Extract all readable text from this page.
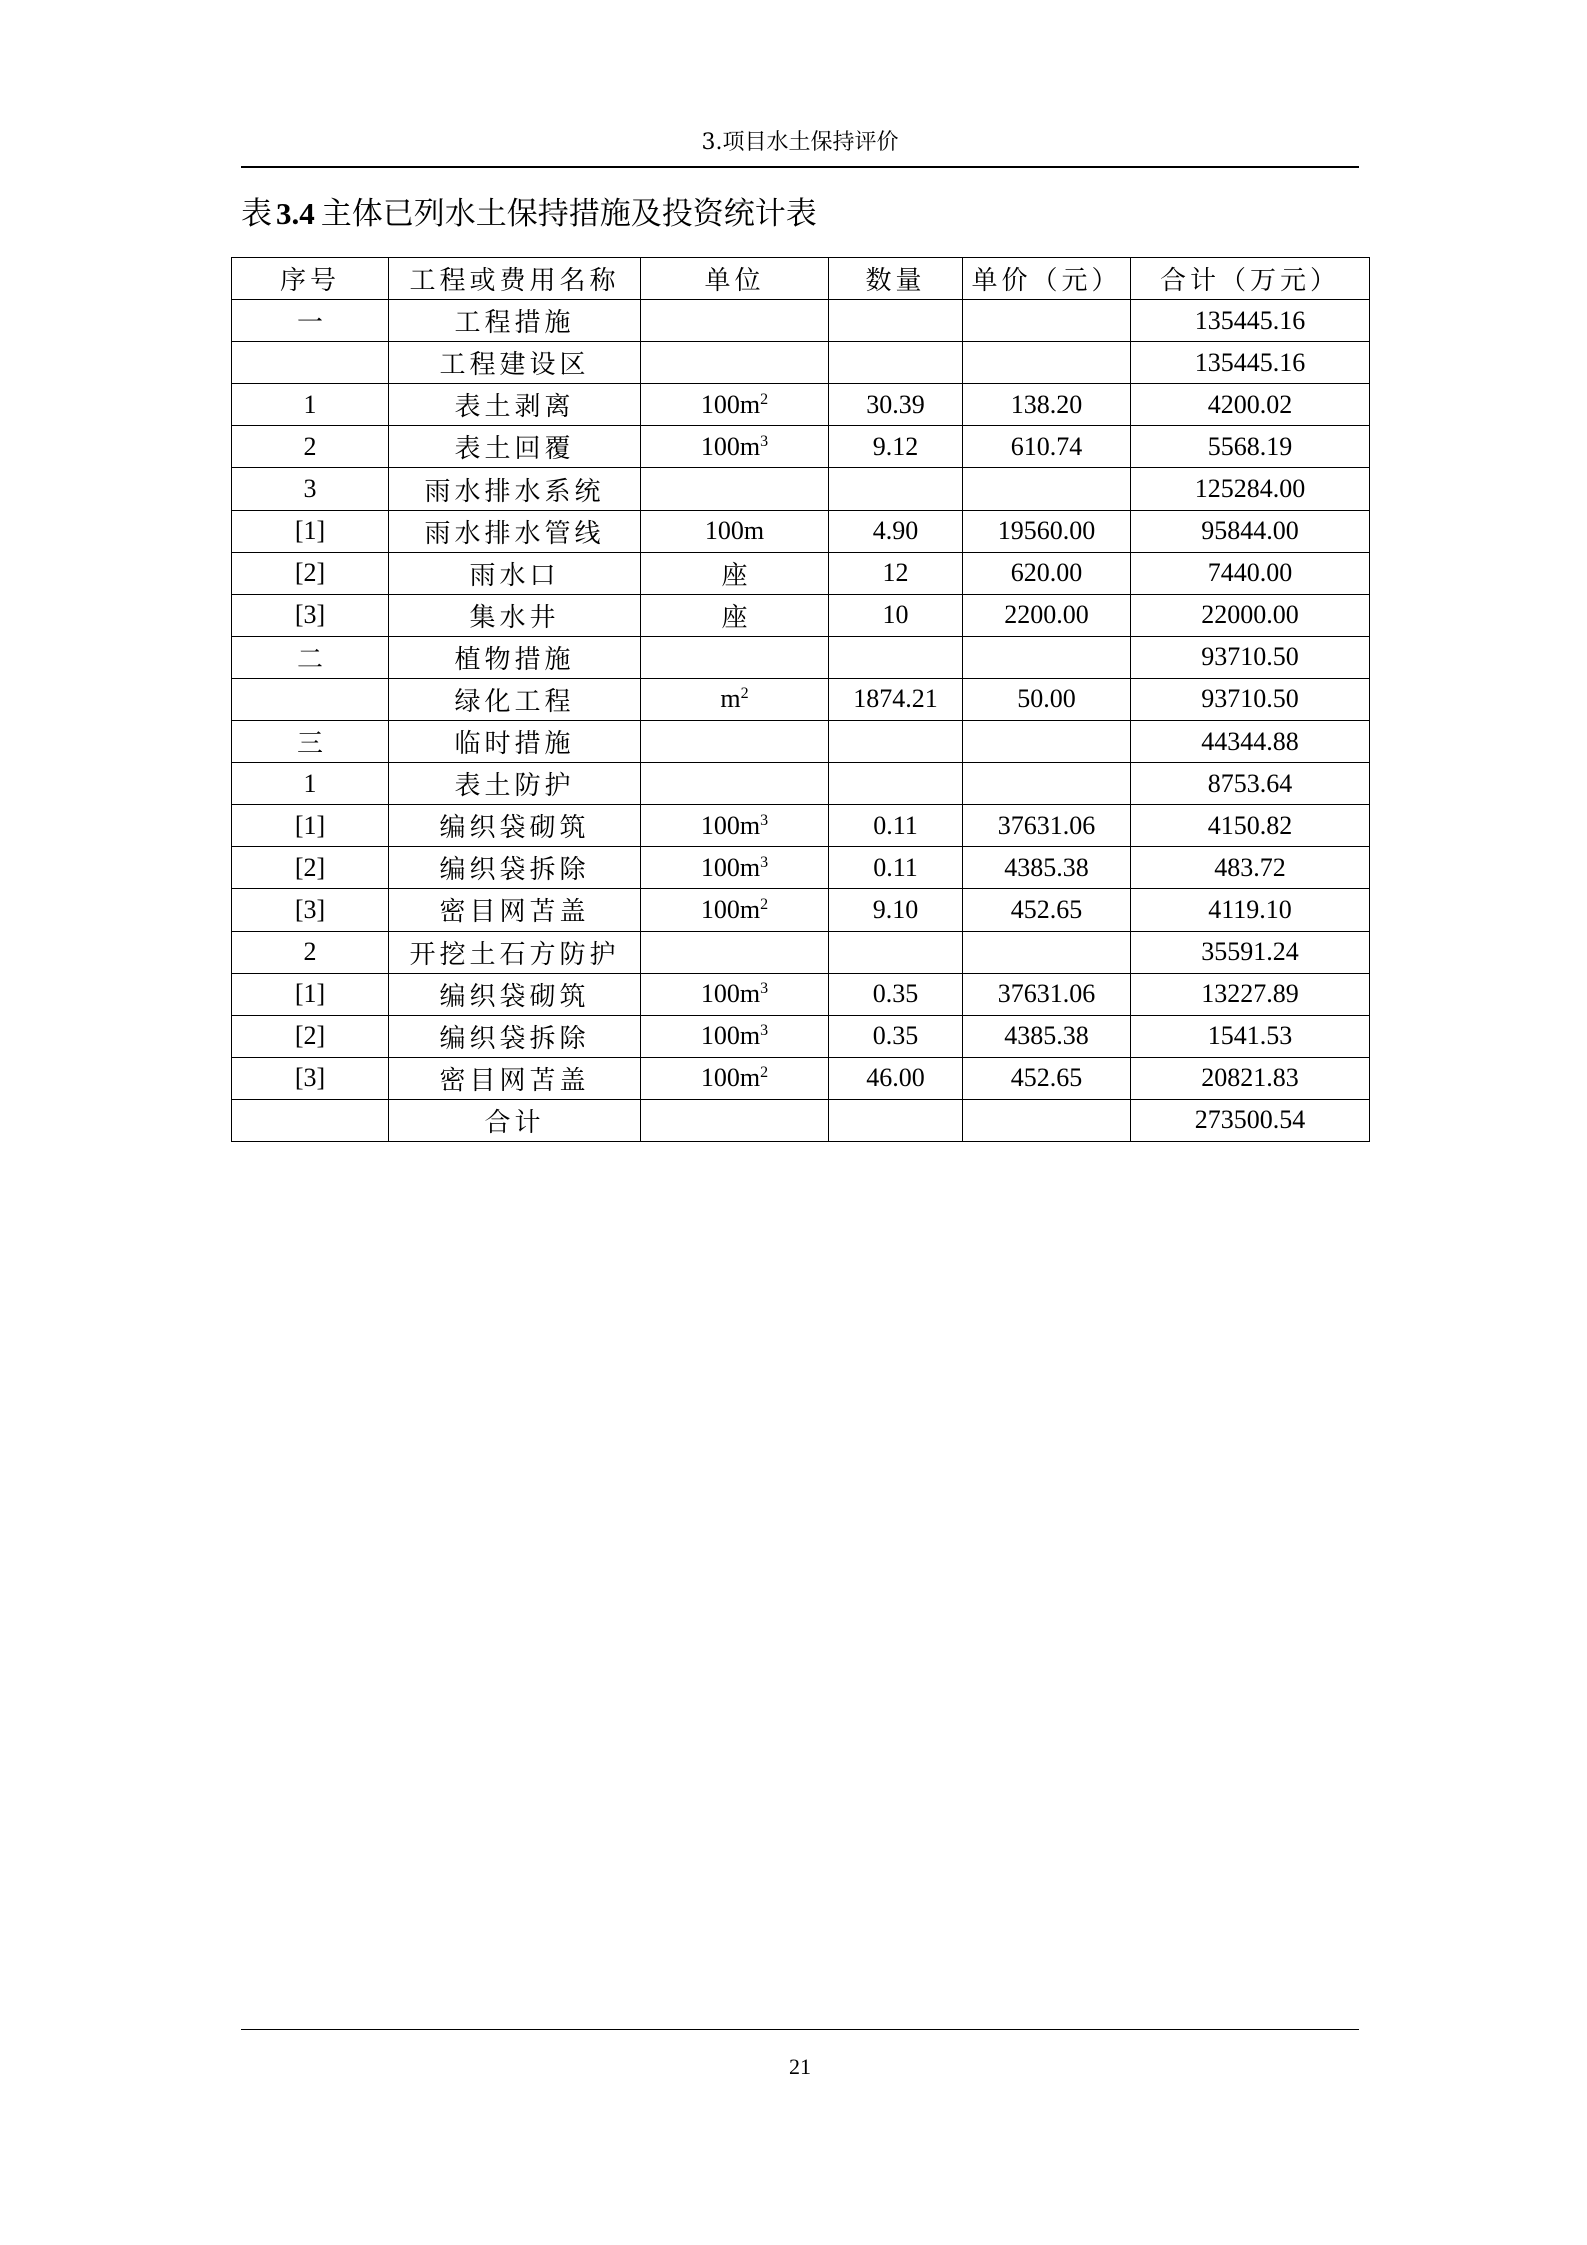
3.项目水土保持评价
表 3.4 主体已列水土保持措施及投资统计表
序号	工程或费用名称	单位	数量	单价（元）	合计（万元）
一	工程措施				135445.16
	工程建设区				135445.16
1	表土剥离	$100m^2$	30.39	138.20	4200.02
2	表土回覆	$100m^3$	9.12	610.74	5568.19
3	雨水排水系统				125284.00
[1]	雨水排水管线	100m	4.90	19560.00	95844.00
[2]	雨水口	座	12	620.00	7440.00
[3]	集水井	座	10	2200.00	22000.00
二	植物措施				93710.50
	绿化工程	$m^2$	1874.21	50.00	93710.50
三	临时措施				44344.88
1	表土防护				8753.64
[1]	编织袋砌筑	$100m^3$	0.11	37631.06	4150.82
[2]	编织袋拆除	$100m^3$	0.11	4385.38	483.72
[3]	密目网苫盖	$100m^2$	9.10	452.65	4119.10
2	开挖土石方防护				35591.24
[1]	编织袋砌筑	$100m^3$	0.35	37631.06	13227.89
[2]	编织袋拆除	$100m^3$	0.35	4385.38	1541.53
[3]	密目网苫盖	$100m^2$	46.00	452.65	20821.83
	合计				273500.54
21
